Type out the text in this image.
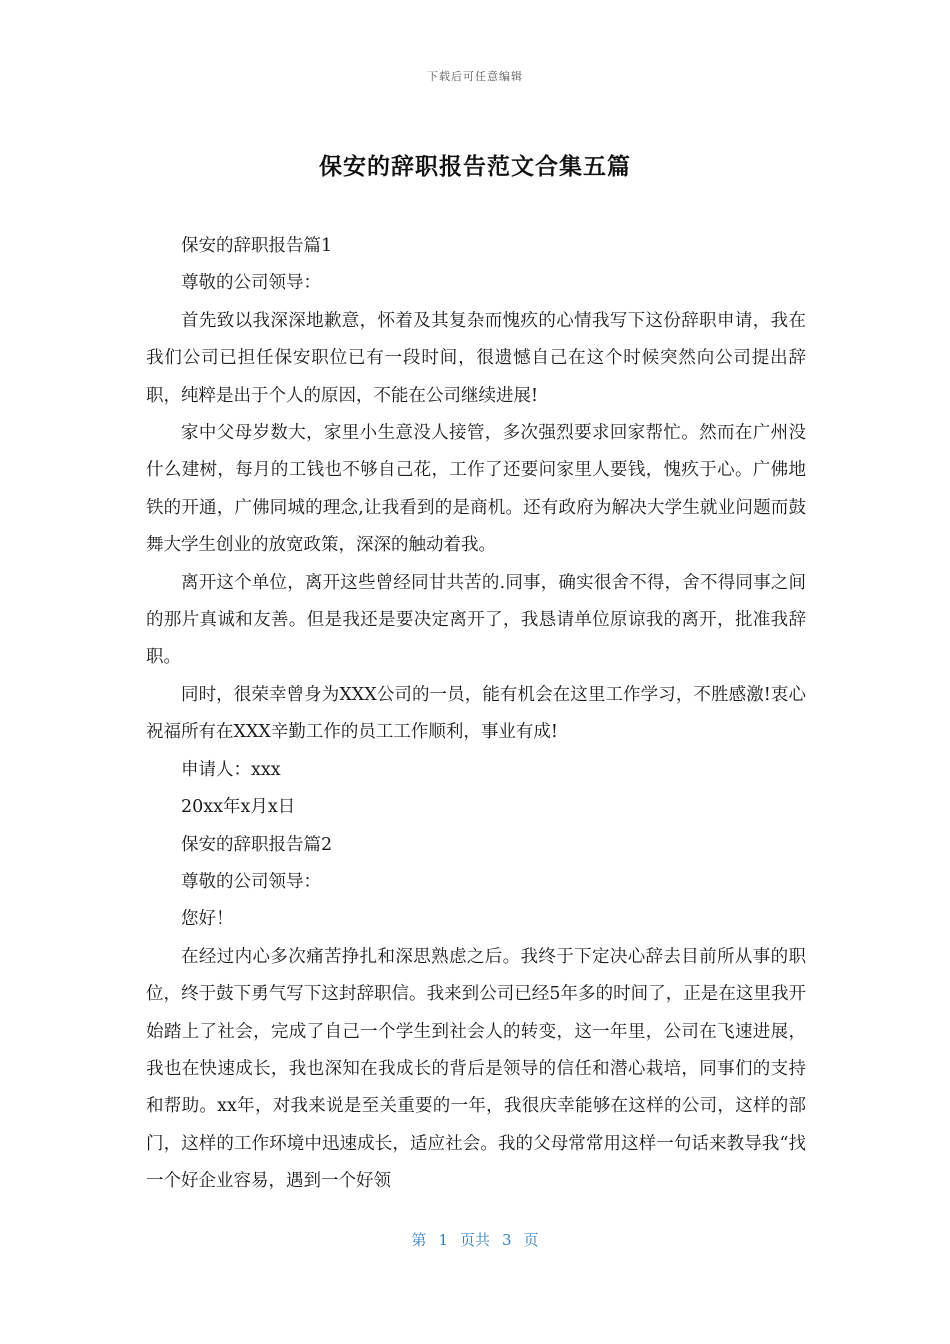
下载后可任意编辑
保安的辞职报告范文合集五篇

保安的辞职报告篇1

尊敬的公司领导：

首先致以我深深地歉意，怀着及其复杂而愧疚的心情我写下这份辞职申请，我在我们公司已担任保安职位已有一段时间，很遗憾自己在这个时候突然向公司提出辞职，纯粹是出于个人的原因，不能在公司继续进展!

家中父母岁数大，家里小生意没人接管，多次强烈要求回家帮忙。然而在广州没什么建树，每月的工钱也不够自己花，工作了还要问家里人要钱，愧疚于心。广佛地铁的开通，广佛同城的理念,让我看到的是商机。还有政府为解决大学生就业问题而鼓舞大学生创业的放宽政策，深深的触动着我。

离开这个单位，离开这些曾经同甘共苦的.同事，确实很舍不得，舍不得同事之间的那片真诚和友善。但是我还是要决定离开了，我恳请单位原谅我的离开，批准我辞职。

同时，很荣幸曾身为XXX公司的一员，能有机会在这里工作学习，不胜感激!衷心祝福所有在XXX辛勤工作的员工工作顺利，事业有成!

申请人：xxx

20xx年x月x日

保安的辞职报告篇2

尊敬的公司领导：

您好！

在经过内心多次痛苦挣扎和深思熟虑之后。我终于下定决心辞去目前所从事的职位，终于鼓下勇气写下这封辞职信。我来到公司已经5年多的时间了，正是在这里我开始踏上了社会，完成了自己一个学生到社会人的转变，这一年里，公司在飞速进展，我也在快速成长，我也深知在我成长的背后是领导的信任和潜心栽培，同事们的支持和帮助。xx年，对我来说是至关重要的一年，我很庆幸能够在这样的公司，这样的部门，这样的工作环境中迅速成长，适应社会。我的父母常常用这样一句话来教导我“找一个好企业容易，遇到一个好领

第 1 页共 3 页
